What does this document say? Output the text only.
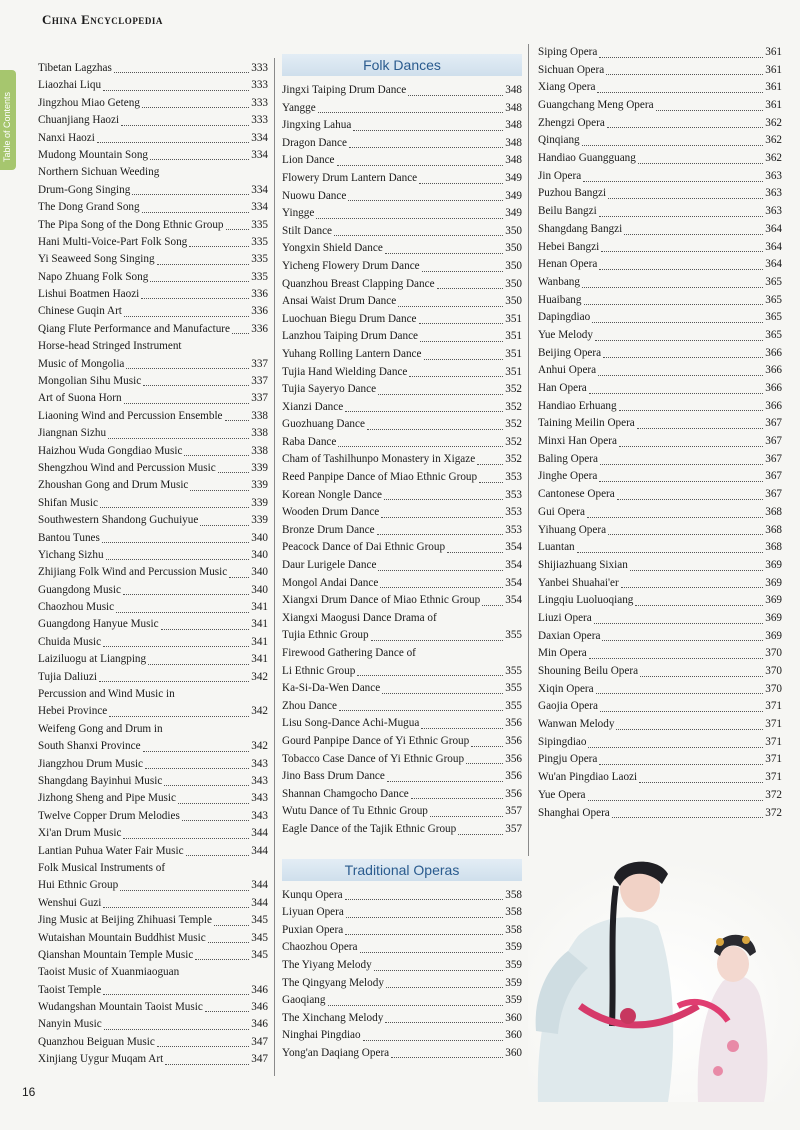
China Encyclopedia
Table of Contents
Tibetan Lagzhas	333
Liaozhai Liqu	333
Jingzhou Miao Geteng	333
Chuanjiang Haozi	333
Nanxi Haozi	334
Mudong Mountain Song	334
Northern Sichuan Weeding
Drum-Gong Singing	334
The Dong Grand Song	334
The Pipa Song of the Dong Ethnic Group 335
Hani Multi-Voice-Part Folk Song	335
Yi Seaweed Song Singing	335
Napo Zhuang Folk Song	335
Lishui Boatmen Haozi	336
Chinese Guqin Art	336
Qiang Flute Performance and Manufacture 336
Horse-head Stringed Instrument
Music of Mongolia	337
Mongolian Sihu Music	337
Art of Suona Horn	337
Liaoning Wind and Percussion Ensemble	338
Jiangnan Sizhu	338
Haizhou Wuda Gongdiao Music	338
Shengzhou Wind and Percussion Music	339
Zhoushan Gong and Drum Music	339
Shifan Music	339
Southwestern Shandong Guchuiyue	339
Bantou Tunes	340
Yichang Sizhu	340
Zhijiang Folk Wind and Percussion Music 340
Guangdong Music	340
Chaozhou Music	341
Guangdong Hanyue Music	341
Chuida Music	341
Laiziluogu at Liangping	341
Tujia Daliuzi	342
Percussion and Wind Music in
Hebei Province	342
Weifeng Gong and Drum in
South Shanxi Province	342
Jiangzhou Drum Music	343
Shangdang Bayinhui Music	343
Jizhong Sheng and Pipe Music	343
Twelve Copper Drum Melodies	343
Xi'an Drum Music	344
Lantian Puhua Water Fair Music	344
Folk Musical Instruments of
Hui Ethnic Group	344
Wenshui Guzi	344
Jing Music at Beijing Zhihuasi Temple	345
Wutaishan Mountain Buddhist Music	345
Qianshan Mountain Temple Music	345
Taoist Music of Xuanmiaoguan
Taoist Temple	346
Wudangshan Mountain Taoist Music	346
Nanyin Music	346
Quanzhou Beiguan Music	347
Xinjiang Uygur Muqam Art	347
Folk Dances
Jingxi Taiping Drum Dance	348
Yangge	348
Jingxing Lahua	348
Dragon Dance	348
Lion Dance	348
Flowery Drum Lantern Dance	349
Nuowu Dance	349
Yingge	349
Stilt Dance	350
Yongxin Shield Dance	350
Yicheng Flowery Drum Dance	350
Quanzhou Breast Clapping Dance	350
Ansai Waist Drum Dance	350
Luochuan Biegu Drum Dance	351
Lanzhou Taiping Drum Dance	351
Yuhang Rolling Lantern Dance	351
Tujia Hand Wielding Dance	351
Tujia Sayeryo Dance	352
Xianzi Dance	352
Guozhuang Dance	352
Raba Dance	352
Cham of Tashilhunpo Monastery in Xigaze	352
Reed Panpipe Dance of Miao Ethnic Group	353
Korean Nongle Dance	353
Wooden Drum Dance	353
Bronze Drum Dance	353
Peacock Dance of Dai Ethnic Group	354
Daur Lurigele Dance	354
Mongol Andai Dance	354
Xiangxi Drum Dance of Miao Ethnic Group 354
Xiangxi Maogusi Dance Drama of
Tujia Ethnic Group	355
Firewood Gathering Dance of
Li Ethnic Group	355
Ka-Si-Da-Wen Dance	355
Zhou Dance	355
Lisu Song-Dance Achi-Mugua	356
Gourd Panpipe Dance of Yi Ethnic Group	356
Tobacco Case Dance of Yi Ethnic Group	356
Jino Bass Drum Dance	356
Shannan Chamgocho Dance	356
Wutu Dance of Tu Ethnic Group	357
Eagle Dance of the Tajik Ethnic Group	357
Traditional Operas
Kunqu Opera	358
Liyuan Opera	358
Puxian Opera	358
Chaozhou Opera	359
The Yiyang Melody	359
The Qingyang Melody	359
Gaoqiang	359
The Xinchang Melody	360
Ninghai Pingdiao	360
Yong'an Daqiang Opera	360
Siping Opera	361
Sichuan Opera	361
Xiang Opera	361
Guangchang Meng Opera	361
Zhengzi Opera	362
Qinqiang	362
Handiao Guangguang	362
Jin Opera	363
Puzhou Bangzi	363
Beilu Bangzi	363
Shangdang Bangzi	364
Hebei Bangzi	364
Henan Opera	364
Wanbang	365
Huaibang	365
Dapingdiao	365
Yue Melody	365
Beijing Opera	366
Anhui Opera	366
Han Opera	366
Handiao Erhuang	366
Taining Meilin Opera	367
Minxi Han Opera	367
Baling Opera	367
Jinghe Opera	367
Cantonese Opera	367
Gui Opera	368
Yihuang Opera	368
Luantan	368
Shijiazhuang Sixian	369
Yanbei Shuahai'er	369
Lingqiu Luoluoqiang	369
Liuzi Opera	369
Daxian Opera	369
Min Opera	370
Shouning Beilu Opera	370
Xiqin Opera	370
Gaojia Opera	371
Wanwan Melody	371
Sipingdiao	371
Pingju Opera	371
Wu'an Pingdiao Laozi	371
Yue Opera	372
Shanghai Opera	372
16
